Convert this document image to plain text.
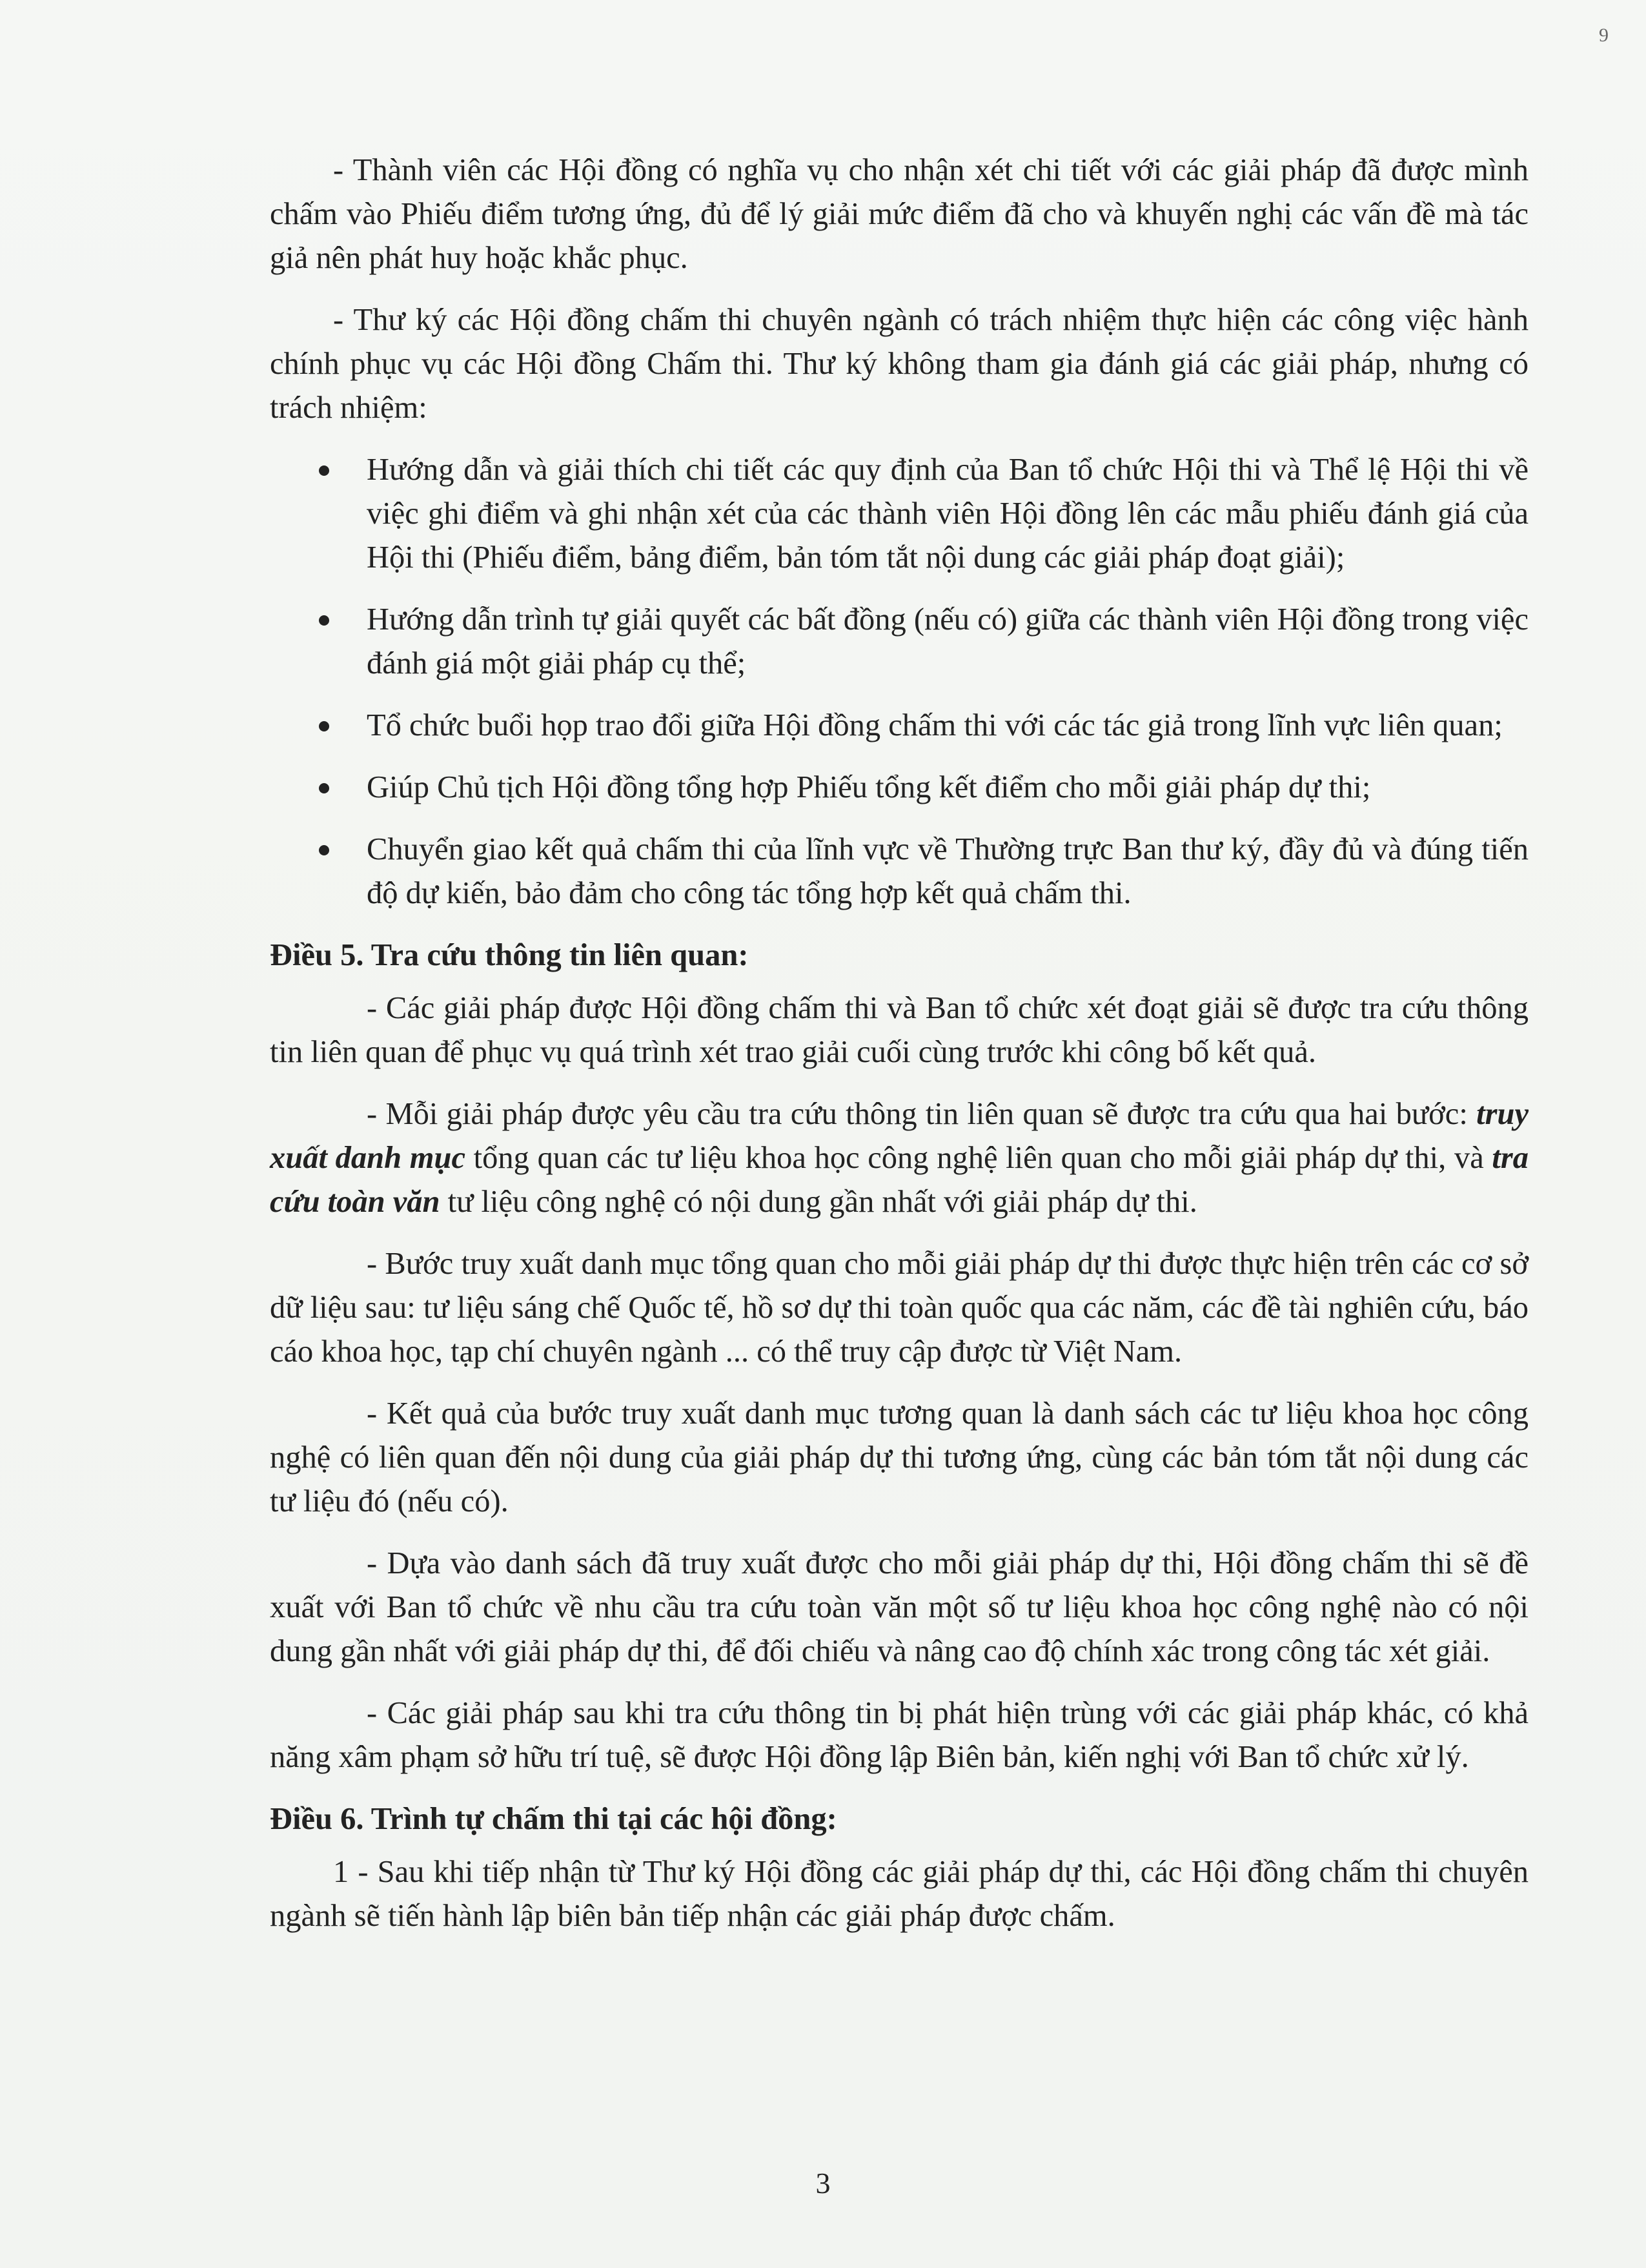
9

- Thành viên các Hội đồng có nghĩa vụ cho nhận xét chi tiết với các giải pháp đã được mình chấm vào Phiếu điểm tương ứng, đủ để lý giải mức điểm đã cho và khuyến nghị các vấn đề mà tác giả nên phát huy hoặc khắc phục.

- Thư ký các Hội đồng chấm thi chuyên ngành có trách nhiệm thực hiện các công việc hành chính phục vụ các Hội đồng Chấm thi. Thư ký không tham gia đánh giá các giải pháp, nhưng có trách nhiệm:

Hướng dẫn và giải thích chi tiết các quy định của Ban tổ chức Hội thi và Thể lệ Hội thi về việc ghi điểm và ghi nhận xét của các thành viên Hội đồng lên các mẫu phiếu đánh giá của Hội thi (Phiếu điểm, bảng điểm, bản tóm tắt nội dung các giải pháp đoạt giải);
Hướng dẫn trình tự giải quyết các bất đồng (nếu có) giữa các thành viên Hội đồng trong việc đánh giá một giải pháp cụ thể;
Tổ chức buổi họp trao đổi giữa Hội đồng chấm thi với các tác giả trong lĩnh vực liên quan;
Giúp Chủ tịch Hội đồng tổng hợp Phiếu tổng kết điểm cho mỗi giải pháp dự thi;
Chuyển giao kết quả chấm thi của lĩnh vực về Thường trực Ban thư ký, đầy đủ và đúng tiến độ dự kiến, bảo đảm cho công tác tổng hợp kết quả chấm thi.
Điều 5. Tra cứu thông tin liên quan:

- Các giải pháp được Hội đồng chấm thi và Ban tổ chức xét đoạt giải sẽ được tra cứu thông tin liên quan để phục vụ quá trình xét trao giải cuối cùng trước khi công bố kết quả.

- Mỗi giải pháp được yêu cầu tra cứu thông tin liên quan sẽ được tra cứu qua hai bước: truy xuất danh mục tổng quan các tư liệu khoa học công nghệ liên quan cho mỗi giải pháp dự thi, và tra cứu toàn văn tư liệu công nghệ có nội dung gần nhất với giải pháp dự thi.

- Bước truy xuất danh mục tổng quan cho mỗi giải pháp dự thi được thực hiện trên các cơ sở dữ liệu sau: tư liệu sáng chế Quốc tế, hồ sơ dự thi toàn quốc qua các năm, các đề tài nghiên cứu, báo cáo khoa học, tạp chí chuyên ngành ... có thể truy cập được từ Việt Nam.

- Kết quả của bước truy xuất danh mục tương quan là danh sách các tư liệu khoa học công nghệ có liên quan đến nội dung của giải pháp dự thi tương ứng, cùng các bản tóm tắt nội dung các tư liệu đó (nếu có).

- Dựa vào danh sách đã truy xuất được cho mỗi giải pháp dự thi, Hội đồng chấm thi sẽ đề xuất với Ban tổ chức về nhu cầu tra cứu toàn văn một số tư liệu khoa học công nghệ nào có nội dung gần nhất với giải pháp dự thi, để đối chiếu và nâng cao độ chính xác trong công tác xét giải.

- Các giải pháp sau khi tra cứu thông tin bị phát hiện trùng với các giải pháp khác, có khả năng xâm phạm sở hữu trí tuệ, sẽ được Hội đồng lập Biên bản, kiến nghị với Ban tổ chức xử lý.

Điều 6. Trình tự chấm thi tại các hội đồng:

1 - Sau khi tiếp nhận từ Thư ký Hội đồng các giải pháp dự thi, các Hội đồng chấm thi chuyên ngành sẽ tiến hành lập biên bản tiếp nhận các giải pháp được chấm.

3
